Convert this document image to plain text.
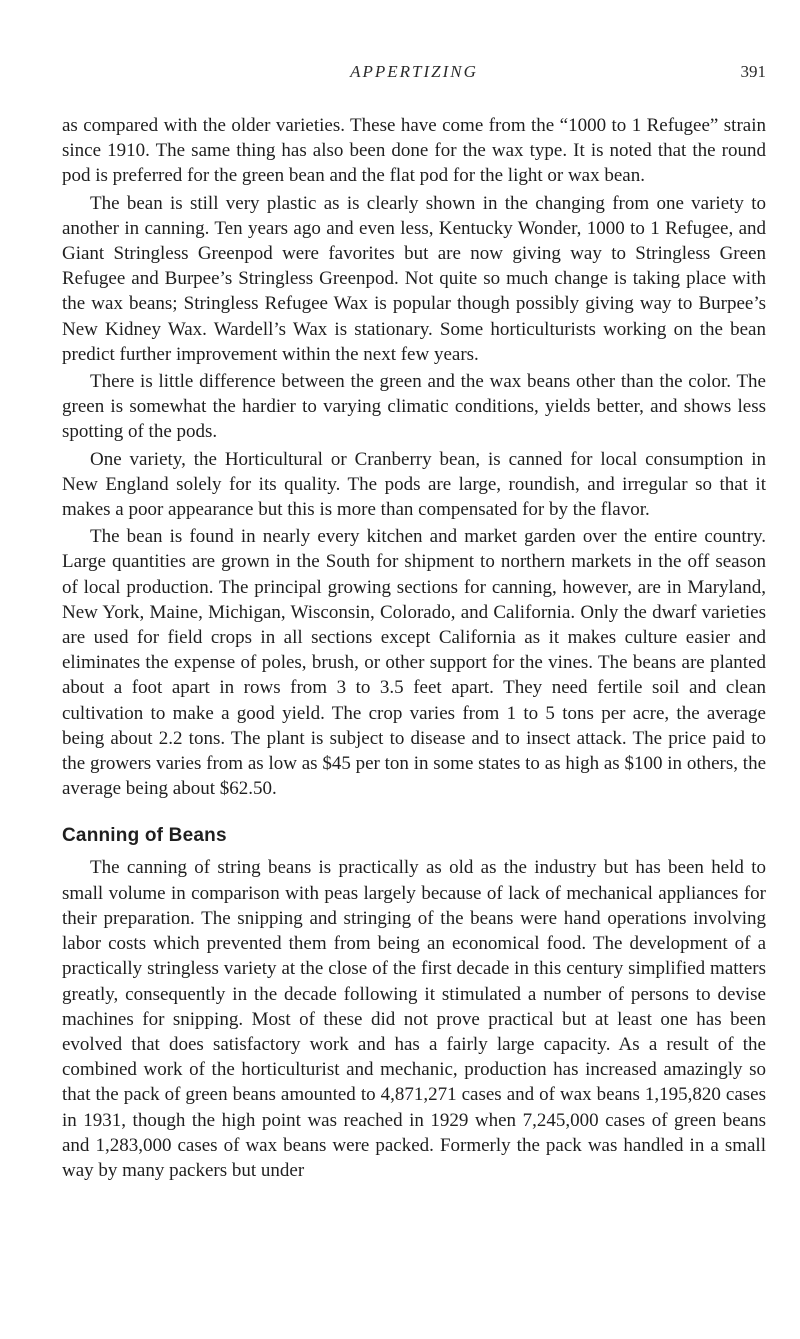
APPERTIZING	391

as compared with the older varieties. These have come from the “1000 to 1 Refugee” strain since 1910. The same thing has also been done for the wax type. It is noted that the round pod is preferred for the green bean and the flat pod for the light or wax bean.

The bean is still very plastic as is clearly shown in the changing from one variety to another in canning. Ten years ago and even less, Kentucky Wonder, 1000 to 1 Refugee, and Giant Stringless Greenpod were favorites but are now giving way to Stringless Green Refugee and Burpee’s Stringless Greenpod. Not quite so much change is taking place with the wax beans; Stringless Refugee Wax is popular though possibly giving way to Burpee’s New Kidney Wax. Wardell’s Wax is stationary. Some horticulturists working on the bean predict further improvement within the next few years.

There is little difference between the green and the wax beans other than the color. The green is somewhat the hardier to varying climatic conditions, yields better, and shows less spotting of the pods.

One variety, the Horticultural or Cranberry bean, is canned for local consumption in New England solely for its quality. The pods are large, roundish, and irregular so that it makes a poor appearance but this is more than compensated for by the flavor.

The bean is found in nearly every kitchen and market garden over the entire country. Large quantities are grown in the South for shipment to northern markets in the off season of local production. The principal growing sections for canning, however, are in Maryland, New York, Maine, Michigan, Wisconsin, Colorado, and California. Only the dwarf varieties are used for field crops in all sections except California as it makes culture easier and eliminates the expense of poles, brush, or other support for the vines. The beans are planted about a foot apart in rows from 3 to 3.5 feet apart. They need fertile soil and clean cultivation to make a good yield. The crop varies from 1 to 5 tons per acre, the average being about 2.2 tons. The plant is subject to disease and to insect attack. The price paid to the growers varies from as low as $45 per ton in some states to as high as $100 in others, the average being about $62.50.

Canning of Beans

The canning of string beans is practically as old as the industry but has been held to small volume in comparison with peas largely because of lack of mechanical appliances for their preparation. The snipping and stringing of the beans were hand operations involving labor costs which prevented them from being an economical food. The development of a practically stringless variety at the close of the first decade in this century simplified matters greatly, consequently in the decade following it stimulated a number of persons to devise machines for snipping. Most of these did not prove practical but at least one has been evolved that does satisfactory work and has a fairly large capacity. As a result of the combined work of the horticulturist and mechanic, production has increased amazingly so that the pack of green beans amounted to 4,871,271 cases and of wax beans 1,195,820 cases in 1931, though the high point was reached in 1929 when 7,245,000 cases of green beans and 1,283,000 cases of wax beans were packed. Formerly the pack was handled in a small way by many packers but under
